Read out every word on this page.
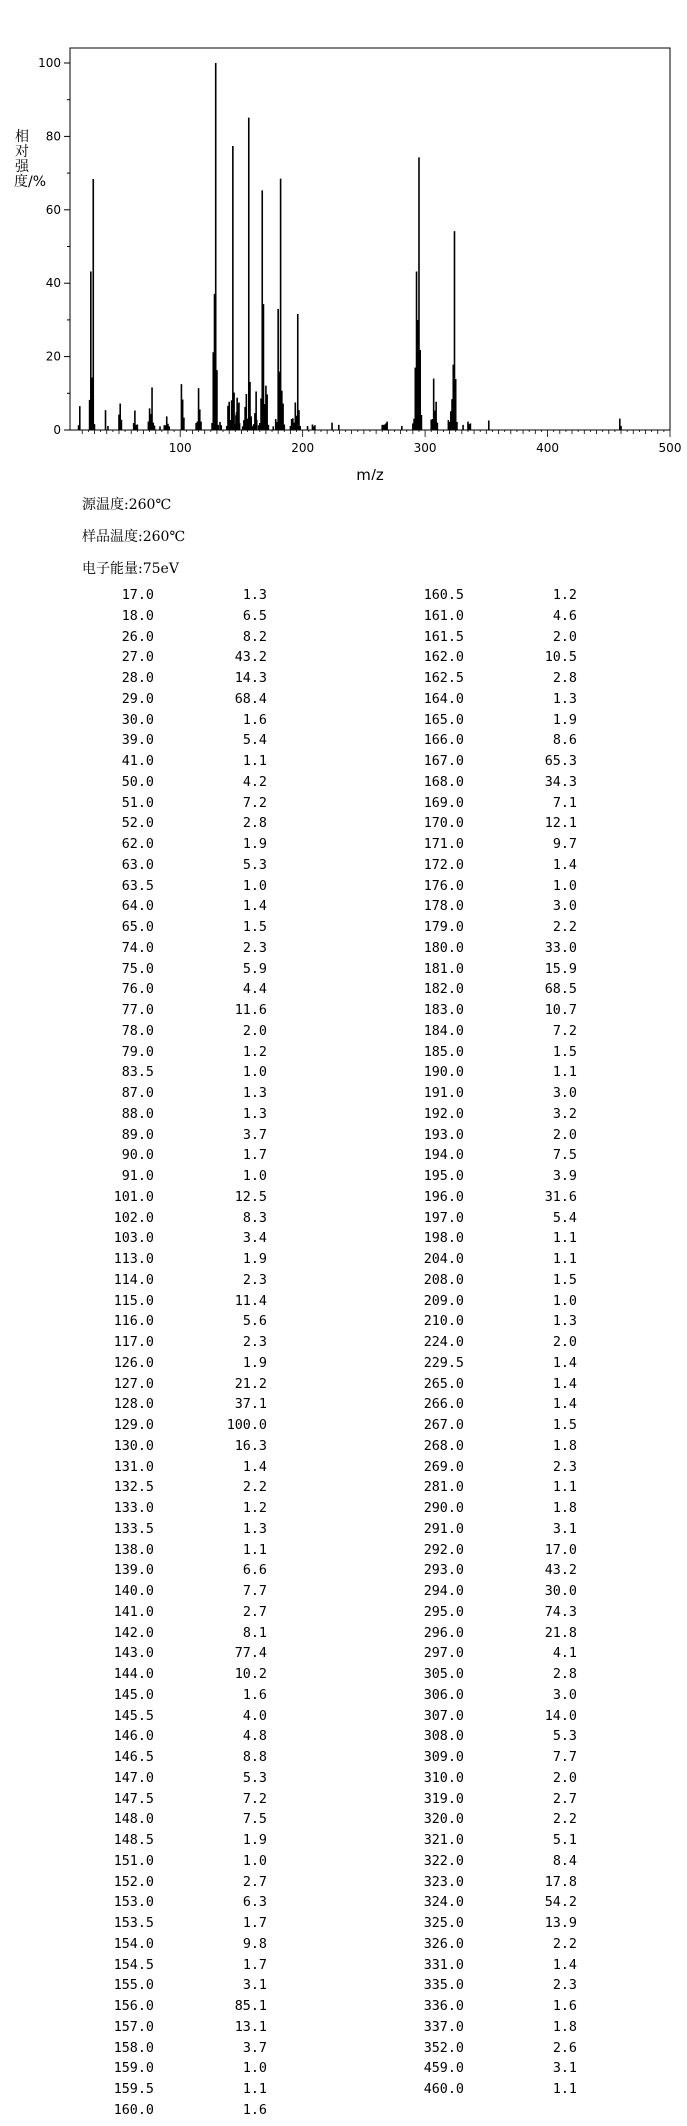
0
20
40
60
80
100
100	200	300	400	500
m/z
相对强度/%
源温度:260℃
样品温度:260℃
电子能量:75eV
17.0	1.3
18.0	6.5
26.0	8.2
27.0	43.2
28.0	14.3
29.0	68.4
30.0	1.6
39.0	5.4
41.0	1.1
50.0	4.2
51.0	7.2
52.0	2.8
62.0	1.9
63.0	5.3
63.5	1.0
64.0	1.4
65.0	1.5
74.0	2.3
75.0	5.9
76.0	4.4
77.0	11.6
78.0	2.0
79.0	1.2
83.5	1.0
87.0	1.3
88.0	1.3
89.0	3.7
90.0	1.7
91.0	1.0
101.0	12.5
102.0	8.3
103.0	3.4
113.0	1.9
114.0	2.3
115.0	11.4
116.0	5.6
117.0	2.3
126.0	1.9
127.0	21.2
128.0	37.1
129.0	100.0
130.0	16.3
131.0	1.4
132.5	2.2
133.0	1.2
133.5	1.3
138.0	1.1
139.0	6.6
140.0	7.7
141.0	2.7
142.0	8.1
143.0	77.4
144.0	10.2
145.0	1.6
145.5	4.0
146.0	4.8
146.5	8.8
147.0	5.3
147.5	7.2
148.0	7.5
148.5	1.9
151.0	1.0
152.0	2.7
153.0	6.3
153.5	1.7
154.0	9.8
154.5	1.7
155.0	3.1
156.0	85.1
157.0	13.1
158.0	3.7
159.0	1.0
159.5	1.1
160.0	1.6
160.5	1.2
161.0	4.6
161.5	2.0
162.0	10.5
162.5	2.8
164.0	1.3
165.0	1.9
166.0	8.6
167.0	65.3
168.0	34.3
169.0	7.1
170.0	12.1
171.0	9.7
172.0	1.4
176.0	1.0
178.0	3.0
179.0	2.2
180.0	33.0
181.0	15.9
182.0	68.5
183.0	10.7
184.0	7.2
185.0	1.5
190.0	1.1
191.0	3.0
192.0	3.2
193.0	2.0
194.0	7.5
195.0	3.9
196.0	31.6
197.0	5.4
198.0	1.1
204.0	1.1
208.0	1.5
209.0	1.0
210.0	1.3
224.0	2.0
229.5	1.4
265.0	1.4
266.0	1.4
267.0	1.5
268.0	1.8
269.0	2.3
281.0	1.1
290.0	1.8
291.0	3.1
292.0	17.0
293.0	43.2
294.0	30.0
295.0	74.3
296.0	21.8
297.0	4.1
305.0	2.8
306.0	3.0
307.0	14.0
308.0	5.3
309.0	7.7
310.0	2.0
319.0	2.7
320.0	2.2
321.0	5.1
322.0	8.4
323.0	17.8
324.0	54.2
325.0	13.9
326.0	2.2
331.0	1.4
335.0	2.3
336.0	1.6
337.0	1.8
352.0	2.6
459.0	3.1
460.0	1.1
